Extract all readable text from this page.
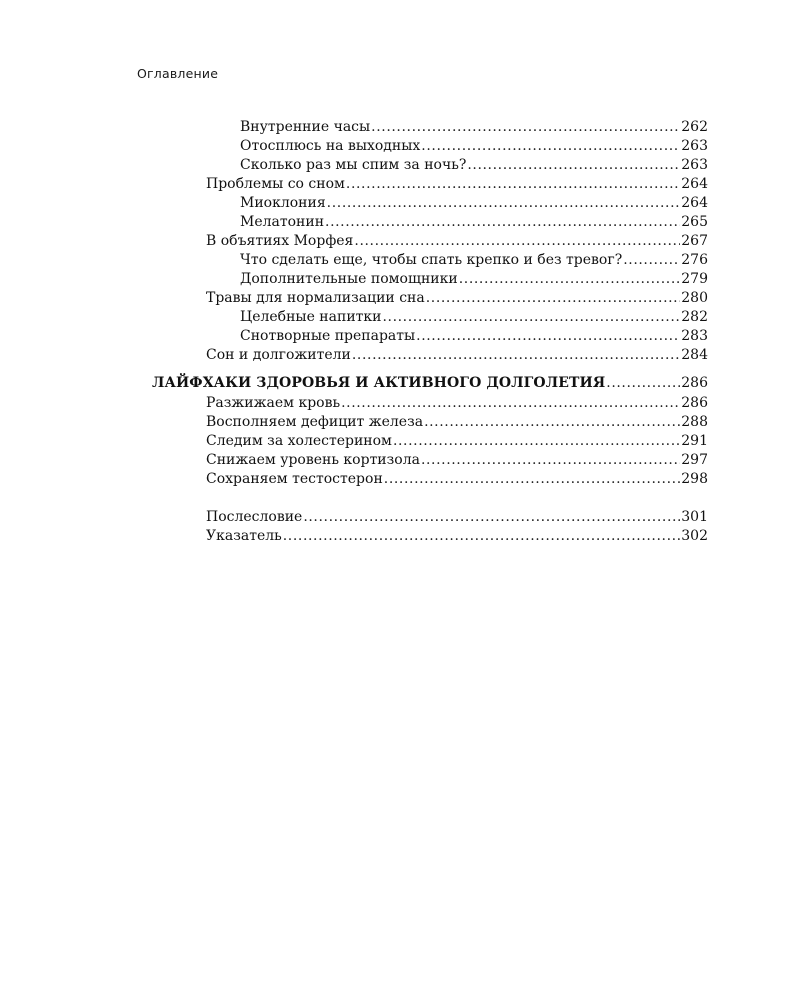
Оглавление
Внутренние часы .....	262
Отосплюсь на выходных .....	263
Сколько раз мы спим за ночь? .....	263
Проблемы со сном .....	264
Миоклония .....	264
Мелатонин .....	265
В объятиях Морфея .....	267
Что сделать еще, чтобы спать крепко и без тревог? .....	276
Дополнительные помощники .....	279
Травы для нормализации сна .....	280
Целебные напитки .....	282
Снотворные препараты .....	283
Сон и долгожители .....	284
ЛАЙФХАКИ ЗДОРОВЬЯ И АКТИВНОГО ДОЛГОЛЕТИЯ .....	286
Разжижаем кровь .....	286
Восполняем дефицит железа .....	288
Следим за холестерином .....	291
Снижаем уровень кортизола .....	297
Сохраняем тестостерон .....	298
Послесловие .....	301
Указатель .....	302
